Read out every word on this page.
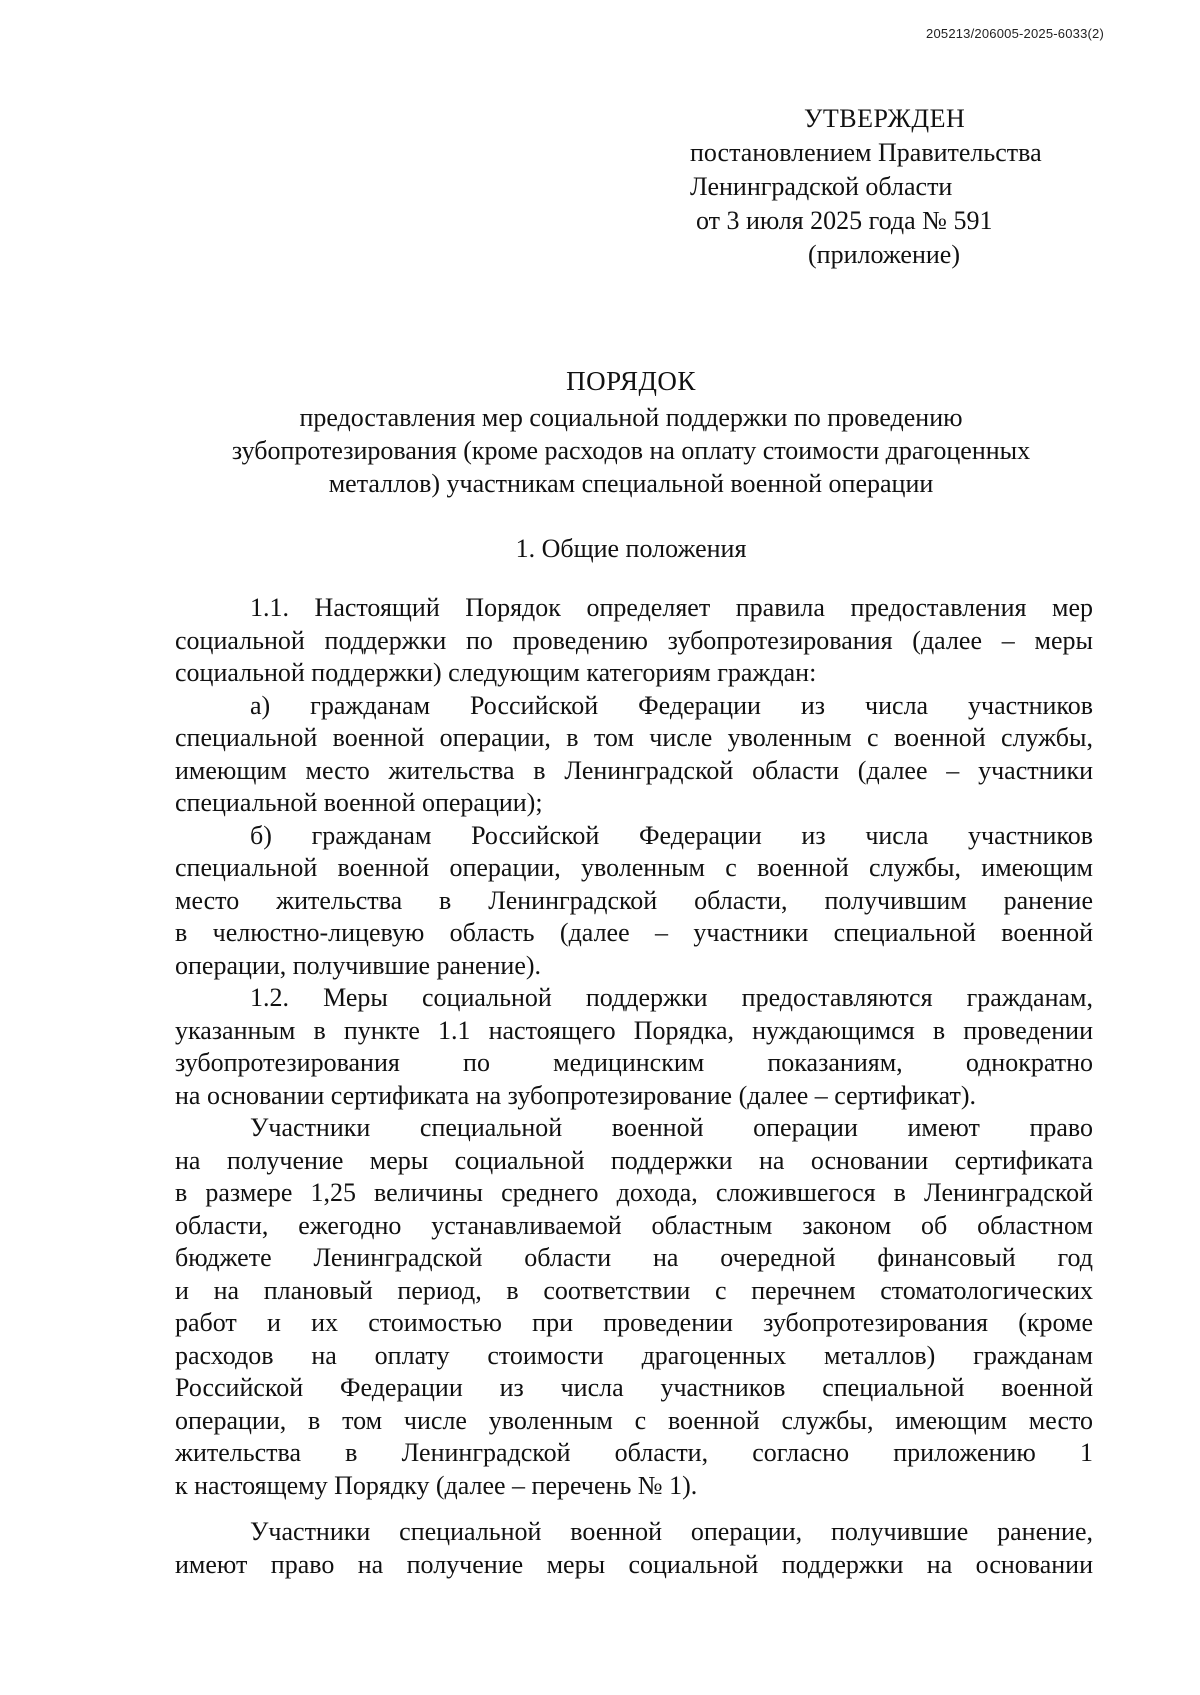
205213/206005-2025-6033(2)
УТВЕРЖДЕН
постановлением Правительства
Ленинградской области
от 3 июля 2025 года № 591
(приложение)
ПОРЯДОК
предоставления мер социальной поддержки по проведению
зубопротезирования (кроме расходов на оплату стоимости драгоценных
металлов) участникам специальной военной операции
1. Общие положения
1.1. Настоящий Порядок определяет правила предоставления мер
социальной поддержки по проведению зубопротезирования (далее – меры
социальной поддержки) следующим категориям граждан:
а) гражданам Российской Федерации из числа участников
специальной военной операции, в том числе уволенным с военной службы,
имеющим место жительства в Ленинградской области (далее – участники
специальной военной операции);
б) гражданам Российской Федерации из числа участников
специальной военной операции, уволенным с военной службы, имеющим
место жительства в Ленинградской области, получившим ранение
в челюстно-лицевую область (далее – участники специальной военной
операции, получившие ранение).
1.2. Меры социальной поддержки предоставляются гражданам,
указанным в пункте 1.1 настоящего Порядка, нуждающимся в проведении
зубопротезирования по медицинским показаниям, однократно
на основании сертификата на зубопротезирование (далее – сертификат).
Участники специальной военной операции имеют право
на получение меры социальной поддержки на основании сертификата
в размере 1,25 величины среднего дохода, сложившегося в Ленинградской
области, ежегодно устанавливаемой областным законом об областном
бюджете Ленинградской области на очередной финансовый год
и на плановый период, в соответствии с перечнем стоматологических
работ и их стоимостью при проведении зубопротезирования (кроме
расходов на оплату стоимости драгоценных металлов) гражданам
Российской Федерации из числа участников специальной военной
операции, в том числе уволенным с военной службы, имеющим место
жительства в Ленинградской области, согласно приложению 1
к настоящему Порядку (далее – перечень № 1).
Участники специальной военной операции, получившие ранение,
имеют право на получение меры социальной поддержки на основании
